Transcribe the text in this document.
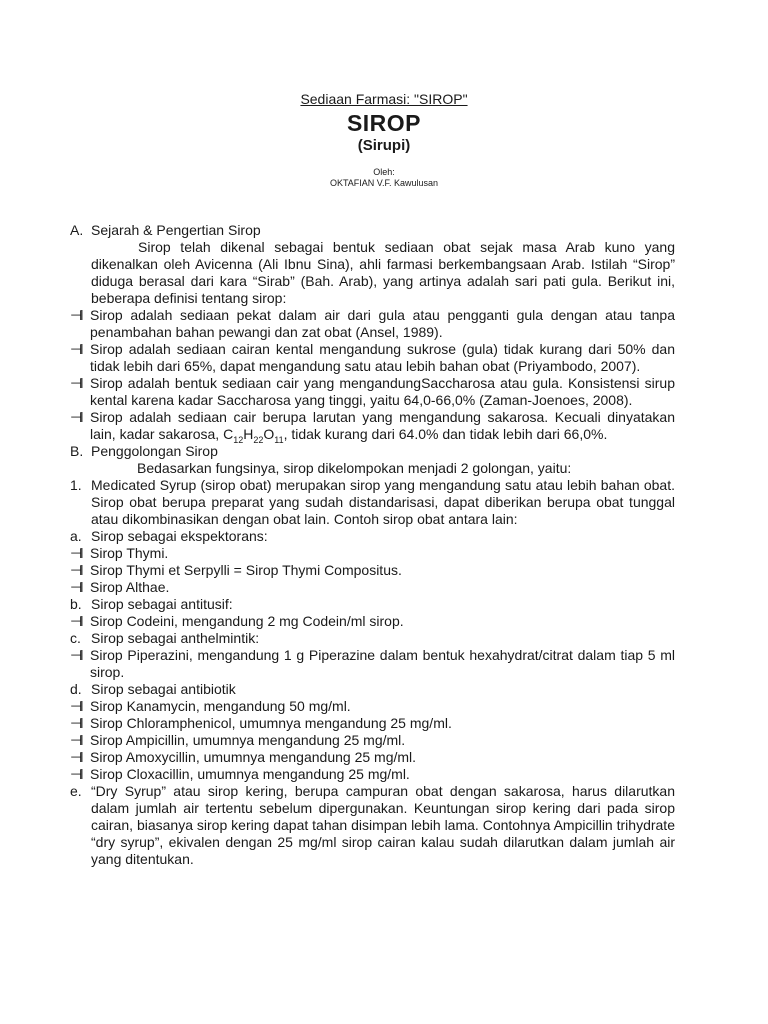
Sediaan Farmasi: "SIROP"
SIROP
(Sirupi)
Oleh:
OKTAFIAN V.F. Kawulusan
A. Sejarah & Pengertian Sirop
Sirop telah dikenal sebagai bentuk sediaan obat sejak masa Arab kuno yang dikenalkan oleh Avicenna (Ali Ibnu Sina), ahli farmasi berkembangsaan Arab. Istilah “Sirop” diduga berasal dari kara “Sirab” (Bah. Arab), yang artinya adalah sari pati gula. Berikut ini, beberapa definisi tentang sirop:
⊣l Sirop adalah sediaan pekat dalam air dari gula atau pengganti gula dengan atau tanpa penambahan bahan pewangi dan zat obat (Ansel, 1989).
⊣l Sirop adalah sediaan cairan kental mengandung sukrose (gula) tidak kurang dari 50% dan tidak lebih dari 65%, dapat mengandung satu atau lebih bahan obat (Priyambodo, 2007).
⊣l Sirop adalah bentuk sediaan cair yang mengandungSaccharosa atau gula. Konsistensi sirup kental karena kadar Saccharosa yang tinggi, yaitu 64,0-66,0% (Zaman-Joenoes, 2008).
⊣l Sirop adalah sediaan cair berupa larutan yang mengandung sakarosa. Kecuali dinyatakan lain, kadar sakarosa, $C_{12}H_{22}O_{11}$, tidak kurang dari 64.0% dan tidak lebih dari 66,0%.
B. Penggolongan Sirop
Bedasarkan fungsinya, sirop dikelompokan menjadi 2 golongan, yaitu:
1. Medicated Syrup (sirop obat) merupakan sirop yang mengandung satu atau lebih bahan obat. Sirop obat berupa preparat yang sudah distandarisasi, dapat diberikan berupa obat tunggal atau dikombinasikan dengan obat lain. Contoh sirop obat antara lain:
a. Sirop sebagai ekspektorans:
⊣l Sirop Thymi.
⊣l Sirop Thymi et Serpylli = Sirop Thymi Compositus.
⊣l Sirop Althae.
b. Sirop sebagai antitusif:
⊣l Sirop Codeini, mengandung 2 mg Codein/ml sirop.
c. Sirop sebagai anthelmintik:
⊣l Sirop Piperazini, mengandung 1 g Piperazine dalam bentuk hexahydrat/citrat dalam tiap 5 ml sirop.
d. Sirop sebagai antibiotik
⊣l Sirop Kanamycin, mengandung 50 mg/ml.
⊣l Sirop Chloramphenicol, umumnya mengandung 25 mg/ml.
⊣l Sirop Ampicillin, umumnya mengandung 25 mg/ml.
⊣l Sirop Amoxycillin, umumnya mengandung 25 mg/ml.
⊣l Sirop Cloxacillin, umumnya mengandung 25 mg/ml.
e. “Dry Syrup” atau sirop kering, berupa campuran obat dengan sakarosa, harus dilarutkan dalam jumlah air tertentu sebelum dipergunakan. Keuntungan sirop kering dari pada sirop cairan, biasanya sirop kering dapat tahan disimpan lebih lama. Contohnya Ampicillin trihydrate “dry syrup”, ekivalen dengan 25 mg/ml sirop cairan kalau sudah dilarutkan dalam jumlah air yang ditentukan.
